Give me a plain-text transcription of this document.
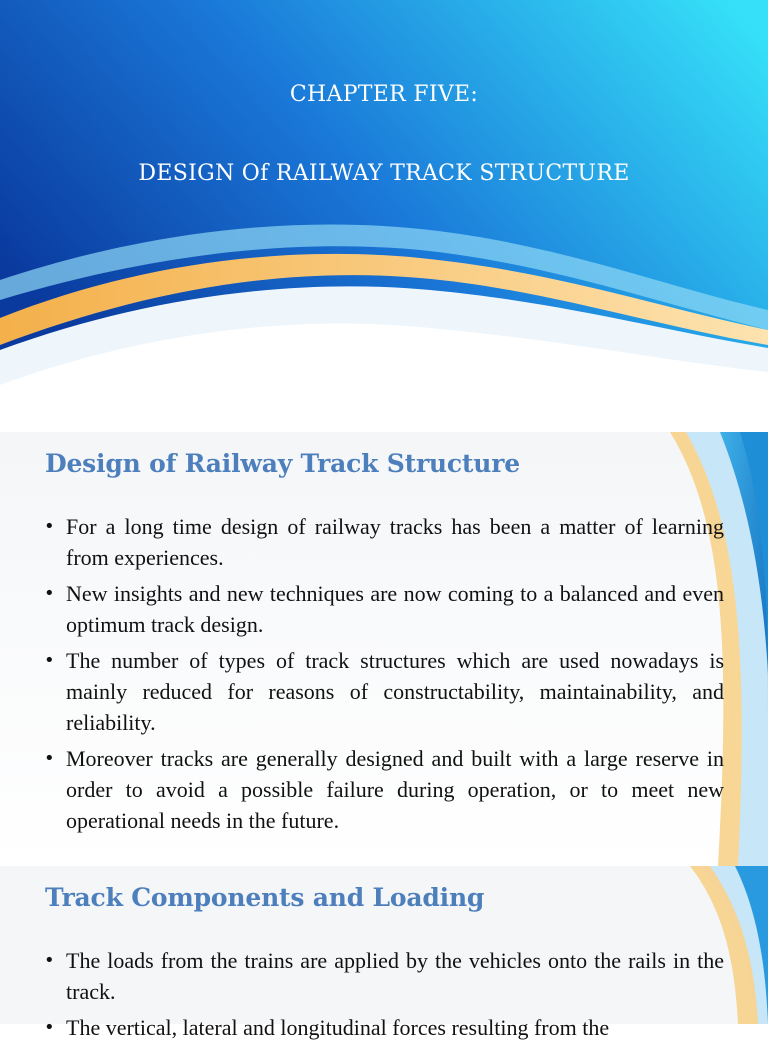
CHAPTER FIVE:
DESIGN Of RAILWAY TRACK STRUCTURE
Design of Railway Track Structure
• For a long time design of railway tracks has been a matter of learning from experiences.
• New insights and new techniques are now coming to a balanced and even optimum track design.
• The number of types of track structures which are used nowadays is mainly reduced for reasons of constructability, maintainability, and reliability.
• Moreover tracks are generally designed and built with a large reserve in order to avoid a possible failure during operation, or to meet new operational needs in the future.
Track Components and Loading
• The loads from the trains are applied by the vehicles onto the rails in the track.
• The vertical, lateral and longitudinal forces resulting from the
